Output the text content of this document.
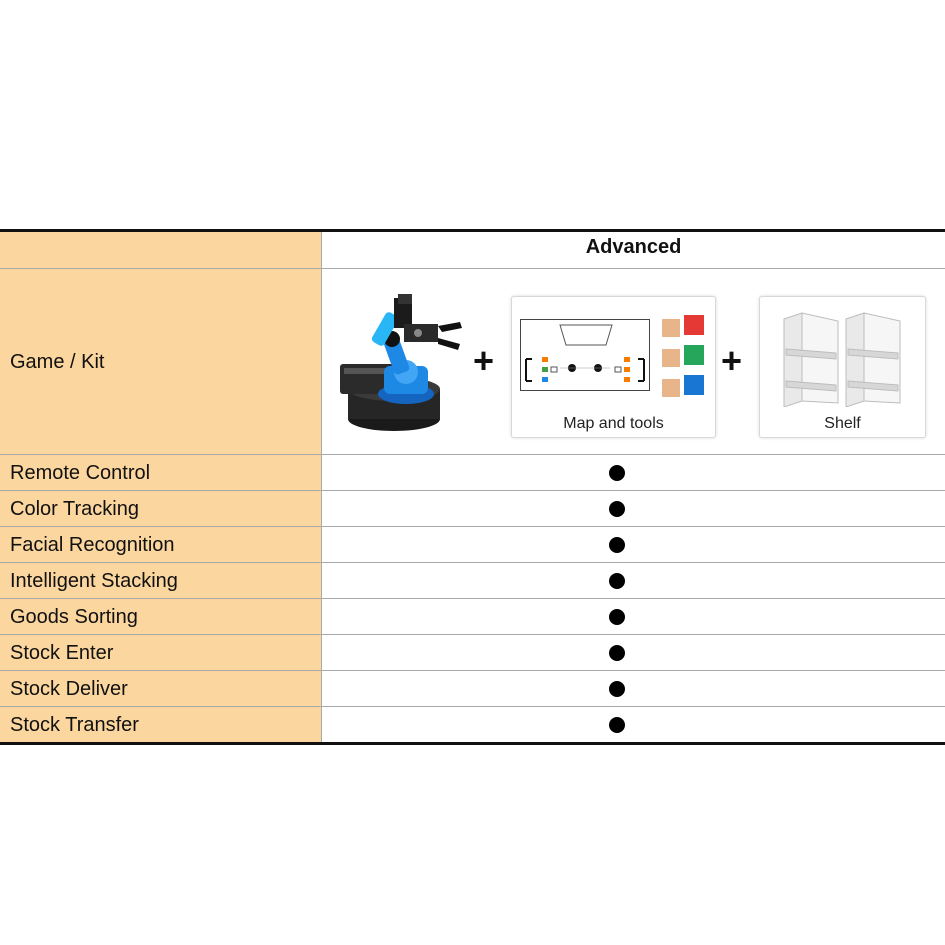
Advanced
Game / Kit	+
Map and tools
+
Shelf
Remote Control
Color Tracking
Facial Recognition
Intelligent Stacking
Goods Sorting
Stock Enter
Stock Deliver
Stock Transfer
